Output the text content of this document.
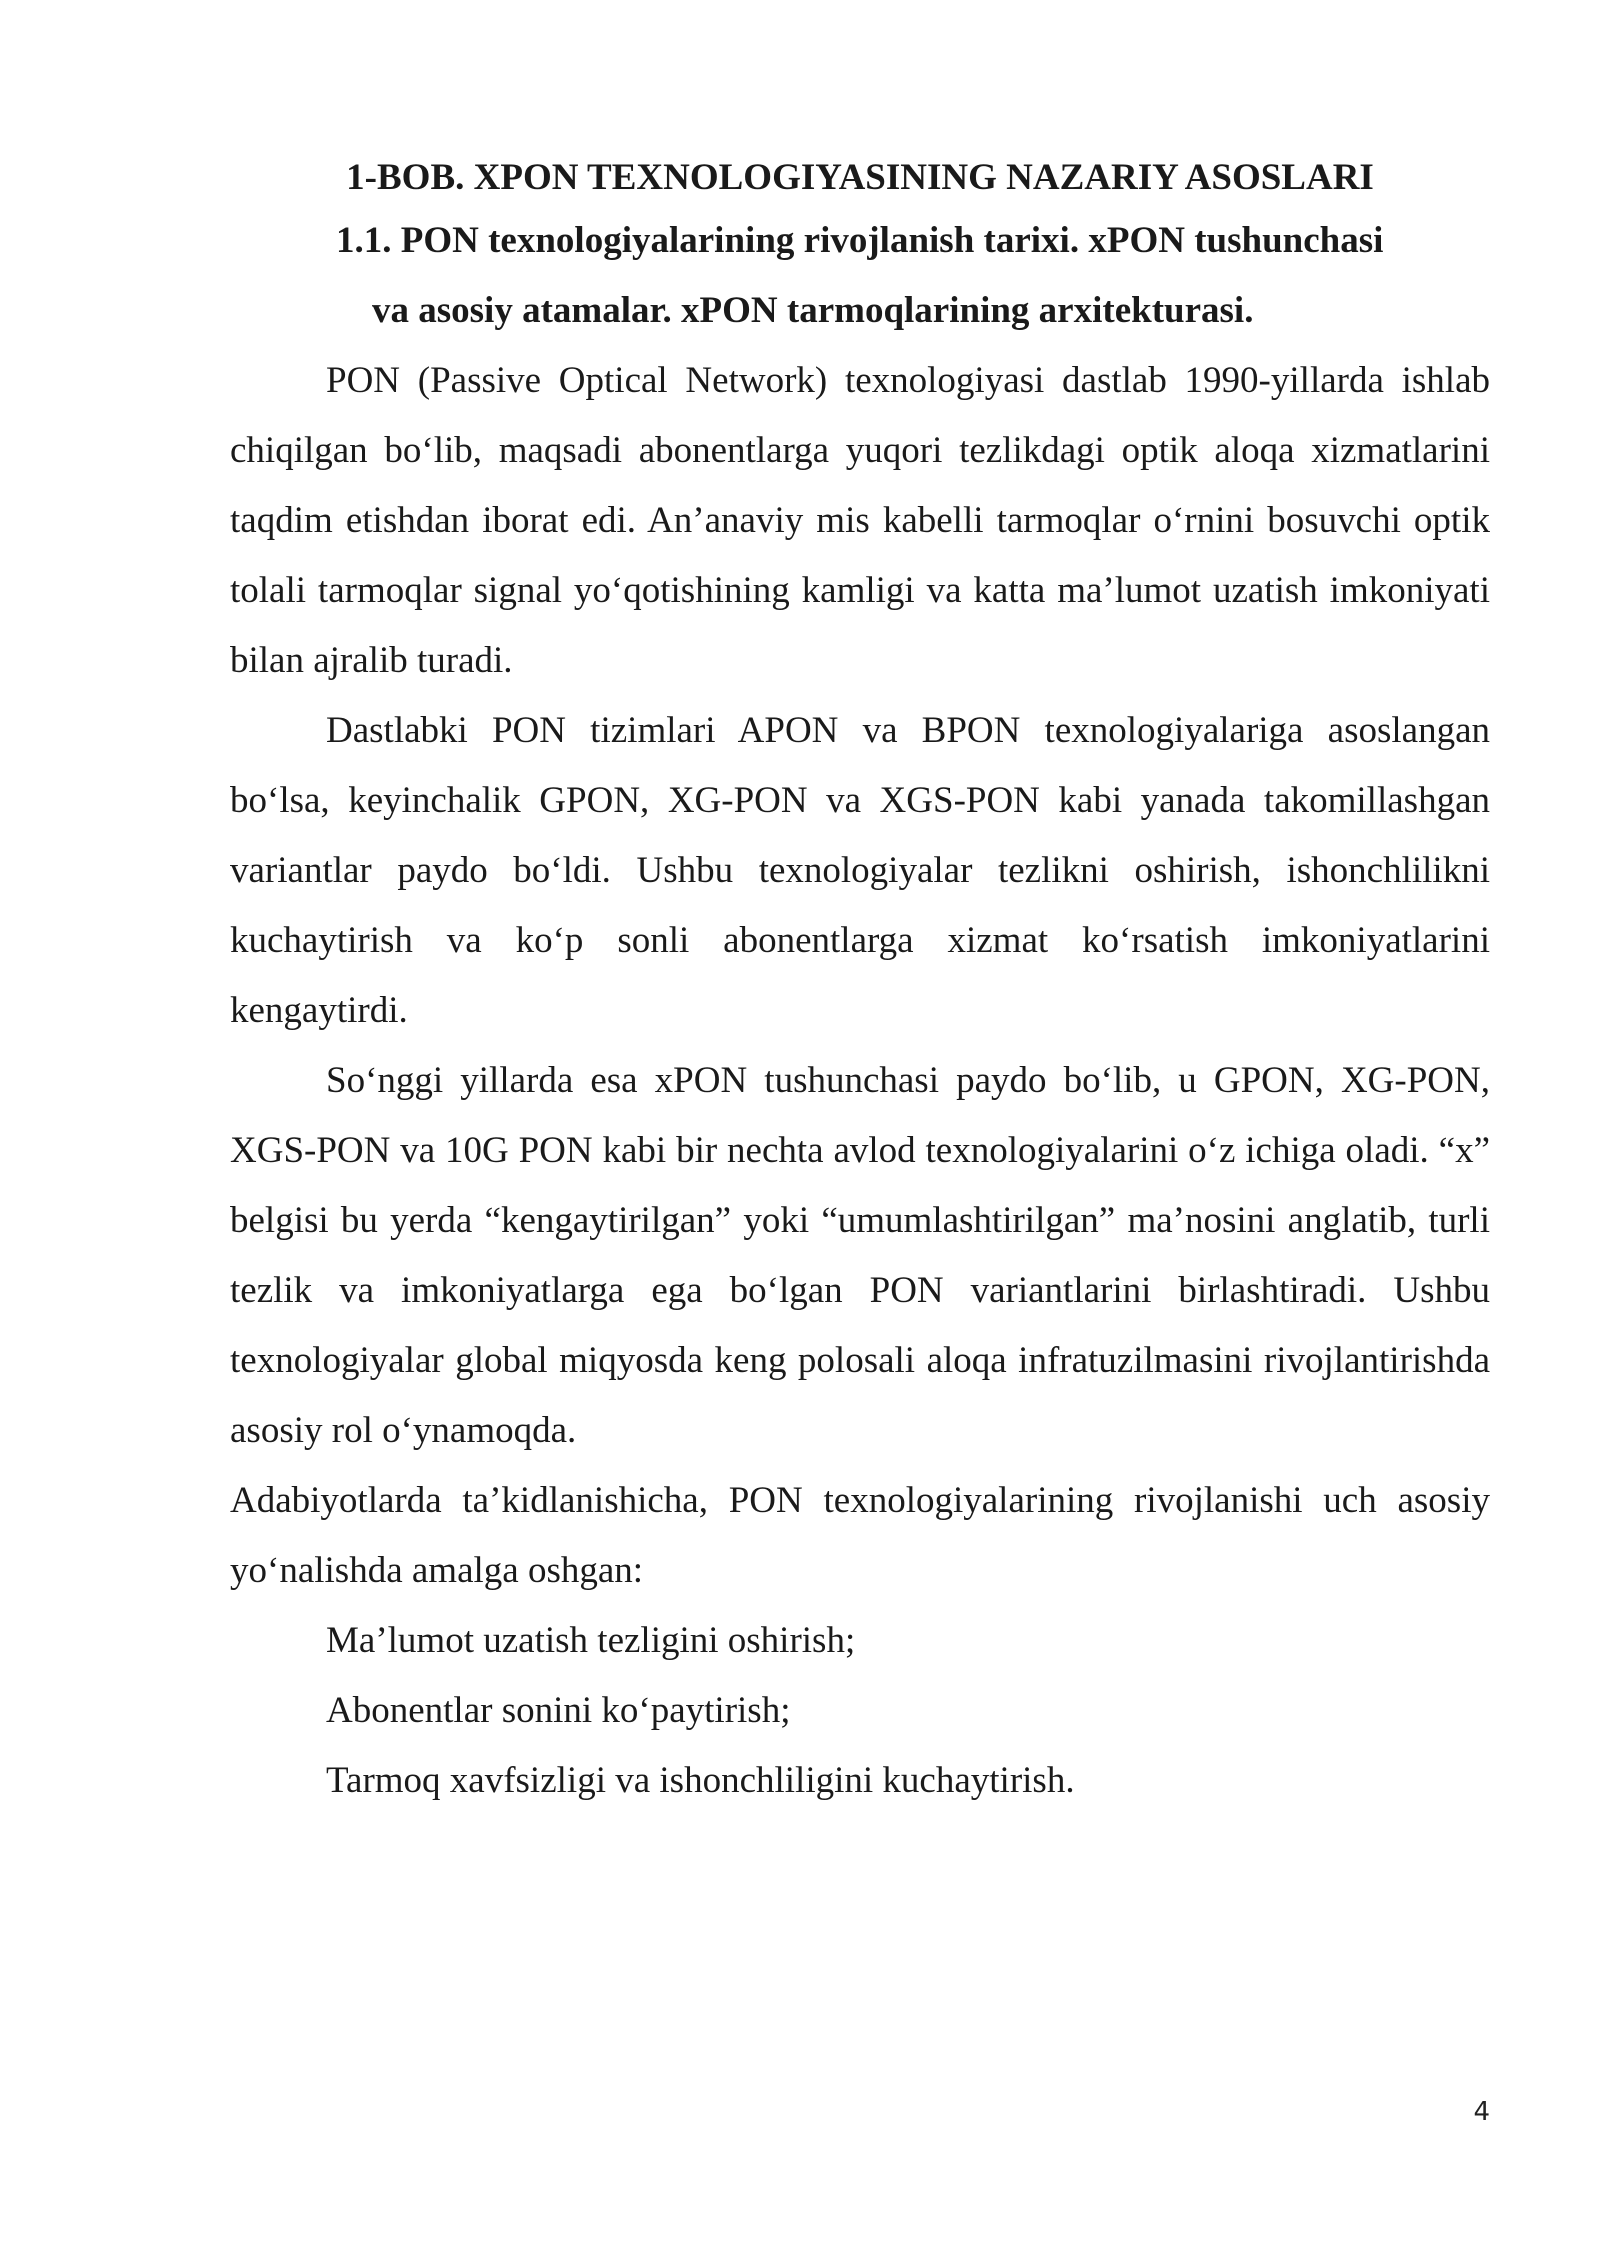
1-BOB. XPON TEXNOLOGIYASINING NAZARIY ASOSLARI
1.1. PON texnologiyalarining rivojlanish tarixi. xPON tushunchasi
va asosiy atamalar. xPON tarmoqlarining arxitekturasi.

PON (Passive Optical Network) texnologiyasi dastlab 1990-yillarda ishlab chiqilgan bo‘lib, maqsadi abonentlarga yuqori tezlikdagi optik aloqa xizmatlarini taqdim etishdan iborat edi. An’anaviy mis kabelli tarmoqlar o‘rnini bosuvchi optik tolali tarmoqlar signal yo‘qotishining kamligi va katta ma’lumot uzatish imkoniyati bilan ajralib turadi.

Dastlabki PON tizimlari APON va BPON texnologiyalariga asoslangan bo‘lsa, keyinchalik GPON, XG-PON va XGS-PON kabi yanada takomillashgan variantlar paydo bo‘ldi. Ushbu texnologiyalar tezlikni oshirish, ishonchlilikni kuchaytirish va ko‘p sonli abonentlarga xizmat ko‘rsatish imkoniyatlarini kengaytirdi.

So‘nggi yillarda esa xPON tushunchasi paydo bo‘lib, u GPON, XG-PON, XGS-PON va 10G PON kabi bir nechta avlod texnologiyalarini o‘z ichiga oladi. “x” belgisi bu yerda “kengaytirilgan” yoki “umumlashtirilgan” ma’nosini anglatib, turli tezlik va imkoniyatlarga ega bo‘lgan PON variantlarini birlashtiradi. Ushbu texnologiyalar global miqyosda keng polosali aloqa infratuzilmasini rivojlantirishda asosiy rol o‘ynamoqda.

Adabiyotlarda ta’kidlanishicha, PON texnologiyalarining rivojlanishi uch asosiy yo‘nalishda amalga oshgan:

Ma’lumot uzatish tezligini oshirish;

Abonentlar sonini ko‘paytirish;

Tarmoq xavfsizligi va ishonchliligini kuchaytirish.

4
